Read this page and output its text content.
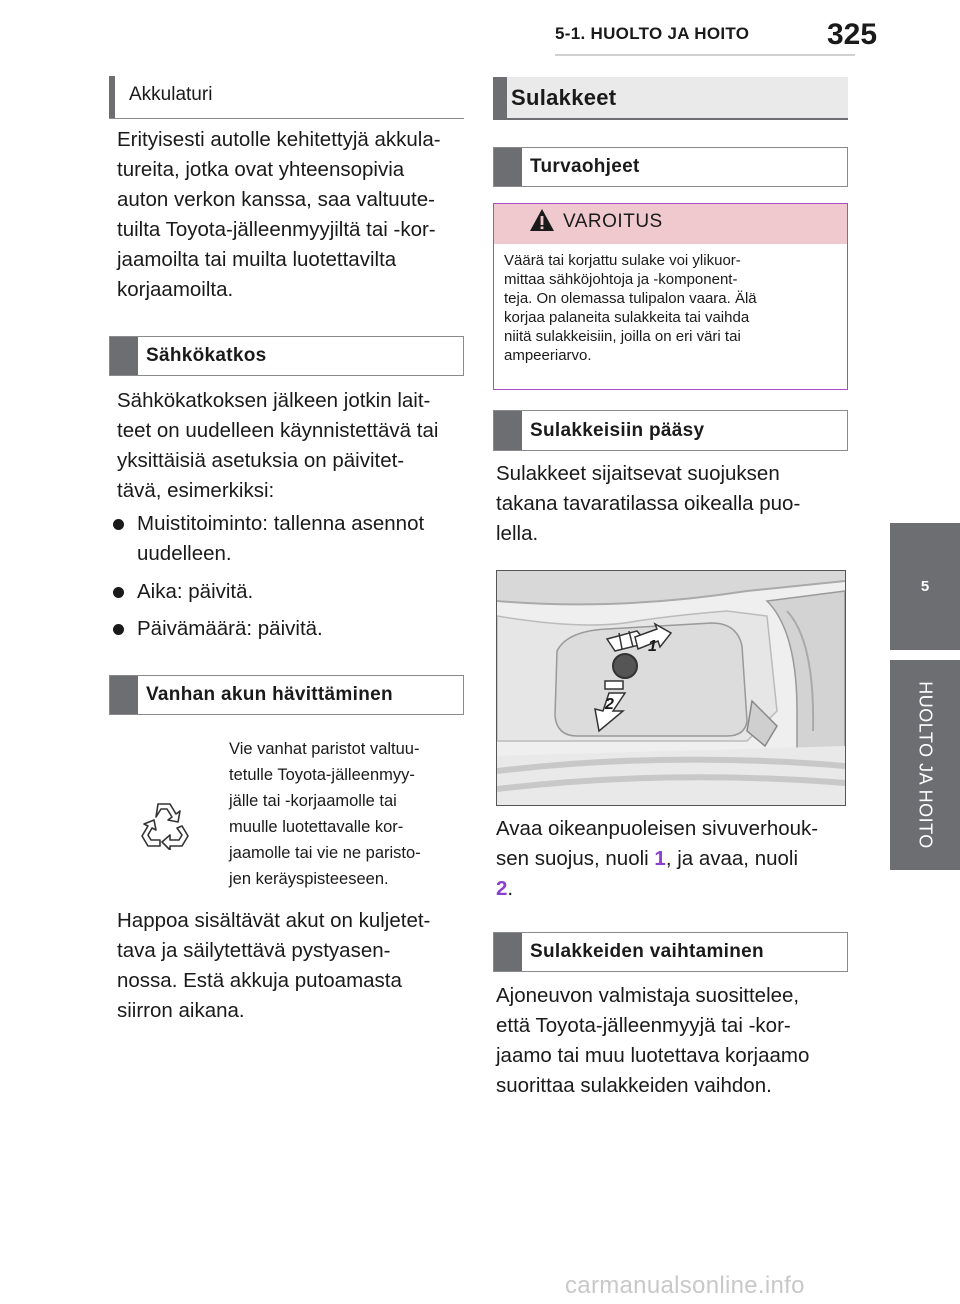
5-1. HUOLTO JA HOITO	325
5
HUOLTO JA HOITO
Akkulaturi
Erityisesti autolle kehitettyjä akkula-
tureita, jotka ovat yhteensopivia
auton verkon kanssa, saa valtuute-
tuilta Toyota-jälleenmyyjiltä tai -kor-
jaamoilta tai muilta luotettavilta
korjaamoilta.
Sähkökatkos
Sähkökatkoksen jälkeen jotkin lait-
teet on uudelleen käynnistettävä tai
yksittäisiä asetuksia on päivitet-
tävä, esimerkiksi:
Muistitoiminto: tallenna asennot
uudelleen.
Aika: päivitä.
Päivämäärä: päivitä.
Vanhan akun hävittäminen
Vie vanhat paristot valtuu-
tetulle Toyota-jälleenmyy-
jälle tai -korjaamolle tai
muulle luotettavalle kor-
jaamolle tai vie ne paristo-
jen keräyspisteeseen.
Happoa sisältävät akut on kuljetet-
tava ja säilytettävä pystyasen-
nossa. Estä akkuja putoamasta
siirron aikana.
Sulakkeet
Turvaohjeet
VAROITUS
Väärä tai korjattu sulake voi ylikuor-
mittaa sähköjohtoja ja -komponent-
teja. On olemassa tulipalon vaara. Älä
korjaa palaneita sulakkeita tai vaihda
niitä sulakkeisiin, joilla on eri väri tai
ampeeriarvo.
Sulakkeisiin pääsy
Sulakkeet sijaitsevat suojuksen
takana tavaratilassa oikealla puo-
lella.
1
2
Avaa oikeanpuoleisen sivuverhouk-
sen suojus, nuoli 1, ja avaa, nuoli
2.
Sulakkeiden vaihtaminen
Ajoneuvon valmistaja suosittelee,
että Toyota-jälleenmyyjä tai -kor-
jaamo tai muu luotettava korjaamo
suorittaa sulakkeiden vaihdon.
carmanualsonline.info
